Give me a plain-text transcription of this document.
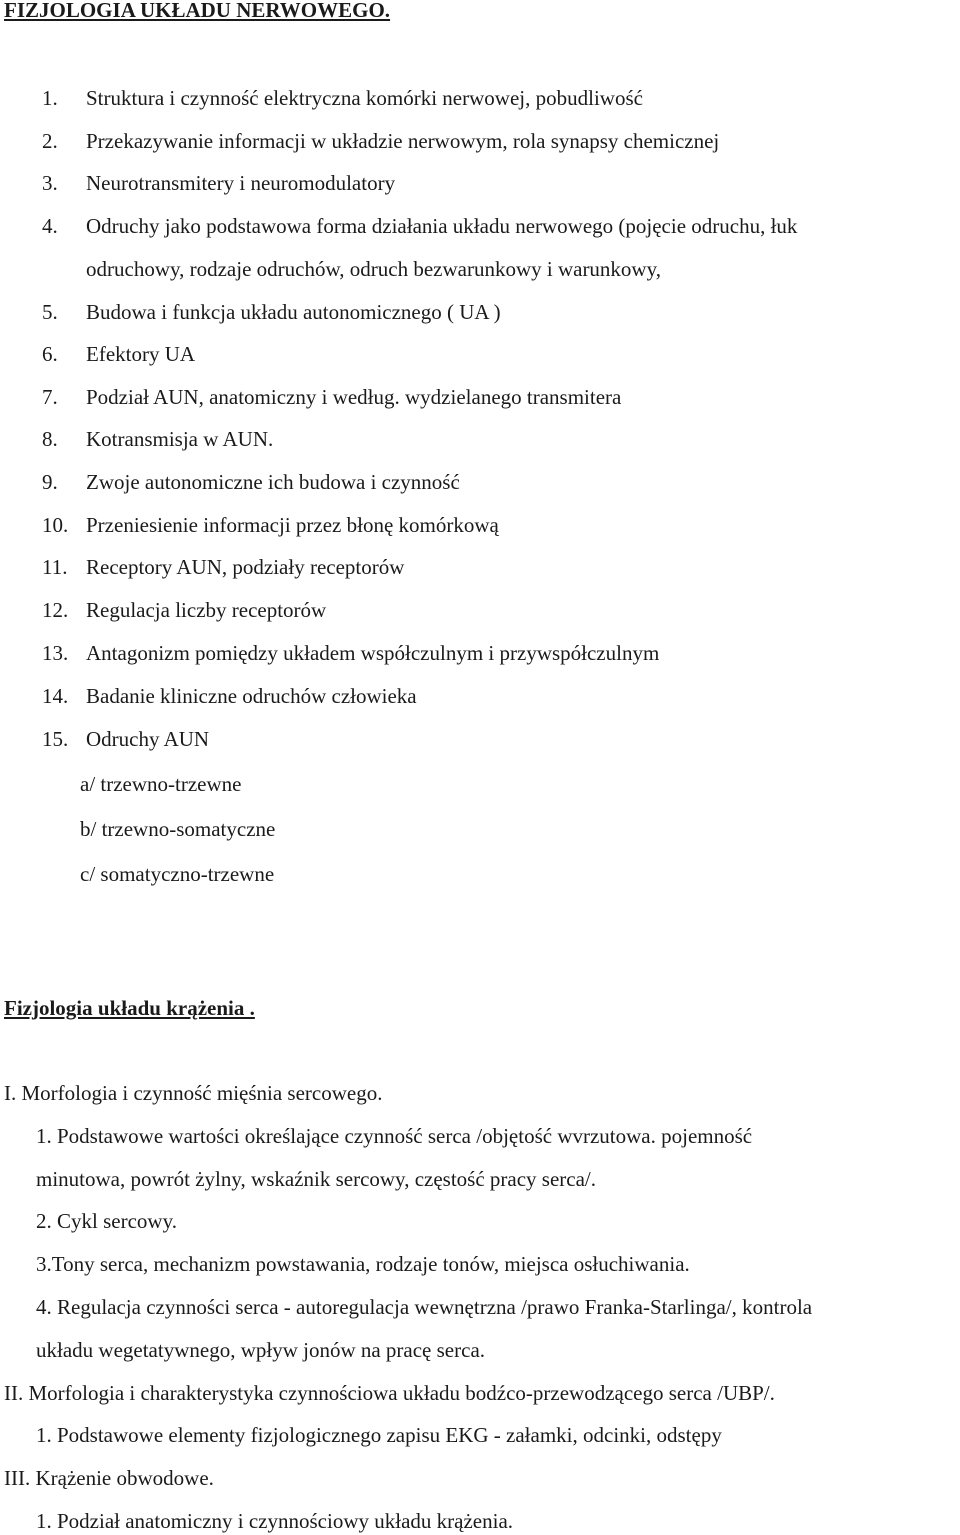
FIZJOLOGIA UKŁADU NERWOWEGO.
1. Struktura i czynność elektryczna komórki nerwowej, pobudliwość
2. Przekazywanie informacji w układzie nerwowym, rola synapsy chemicznej
3. Neurotransmitery i neuromodulatory
4. Odruchy jako podstawowa forma działania układu nerwowego (pojęcie odruchu, łuk
odruchowy, rodzaje odruchów, odruch bezwarunkowy i warunkowy,
5. Budowa i funkcja układu autonomicznego ( UA )
6. Efektory UA
7. Podział AUN, anatomiczny i według. wydzielanego transmitera
8. Kotransmisja w AUN.
9. Zwoje autonomiczne ich budowa i czynność
10. Przeniesienie informacji przez błonę komórkową
11. Receptory AUN, podziały receptorów
12. Regulacja liczby receptorów
13. Antagonizm pomiędzy układem współczulnym i przywspółczulnym
14. Badanie kliniczne odruchów człowieka
15. Odruchy AUN
a/ trzewno-trzewne
b/ trzewno-somatyczne
c/ somatyczno-trzewne
Fizjologia układu krążenia .

I. Morfologia i czynność mięśnia sercowego.

1. Podstawowe wartości określające czynność serca /objętość wvrzutowa. pojemność

minutowa, powrót żylny, wskaźnik sercowy, częstość pracy serca/.

2. Cykl sercowy.

3.Tony serca, mechanizm powstawania, rodzaje tonów, miejsca osłuchiwania.

4. Regulacja czynności serca - autoregulacja wewnętrzna /prawo Franka-Starlinga/, kontrola

układu wegetatywnego, wpływ jonów na pracę serca.

II. Morfologia i charakterystyka czynnościowa układu bodźco-przewodzącego serca /UBP/.

1. Podstawowe elementy fizjologicznego zapisu EKG - załamki, odcinki, odstępy

III. Krążenie obwodowe.

1. Podział anatomiczny i czynnościowy układu krążenia.
